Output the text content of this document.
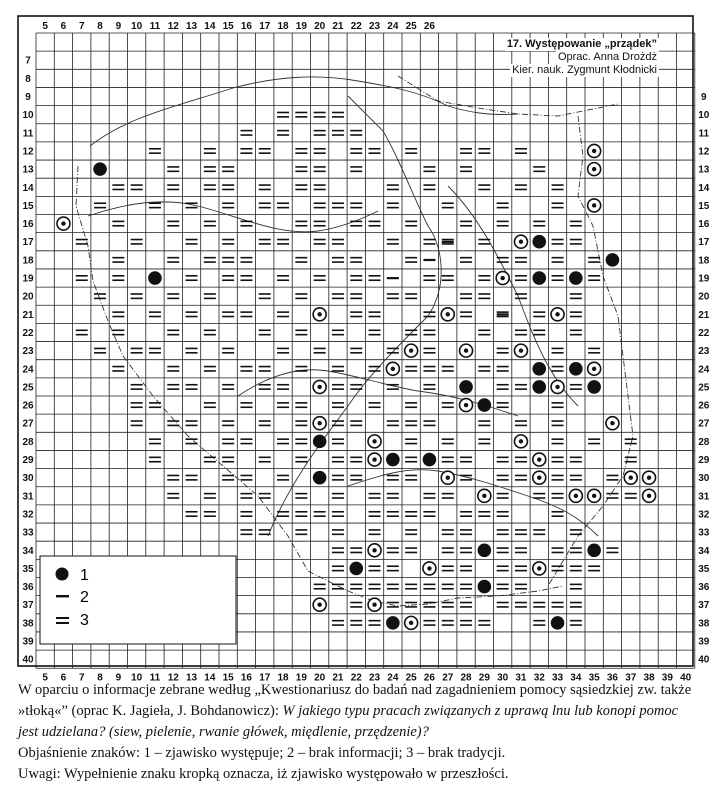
5 6 7 8 9 10 11 12 13 14 15 16 17 18 19 20 21 22 23 24 25 26
5 6 7 8 9 10 11 12 13 14 15 16 17 18 19 20 21 22 23 24 25 26 27 28 29 30 31 32 33 34 35 36 37 38 39 40
7
8
9
10
11
12
13
14
15
16
17
18
19
20
21
22
23
24
25
26
27
28
29
30
31
32
33
34
35
36
37
38
39
40
9
10
11
12
13
14
15
16
17
18
19
20
21
22
23
24
25
26
27
28
29
30
31
32
33
34
35
36
37
38
39
40
1
2
3
17. Występowanie „prządek”
Oprac. Anna Drożdż
Kier. nauk. Zygmunt Kłodnicki

W oparciu o informacje zebrane według „Kwestionariusz do badań nad zagadnieniem pomocy sąsiedzkiej zw. także »tłoką«” (oprac K. Jagieła, J. Bohdanowicz): W jakiego typu pracach związanych z uprawą lnu lub konopi pomoc jest udzielana? (siew, pielenie, rwanie główek, międlenie, przędzenie)?

Objaśnienie znaków: 1 – zjawisko występuje; 2 – brak informacji; 3 – brak tradycji.

Uwagi: Wypełnienie znaku kropką oznacza, iż zjawisko występowało w przeszłości.
